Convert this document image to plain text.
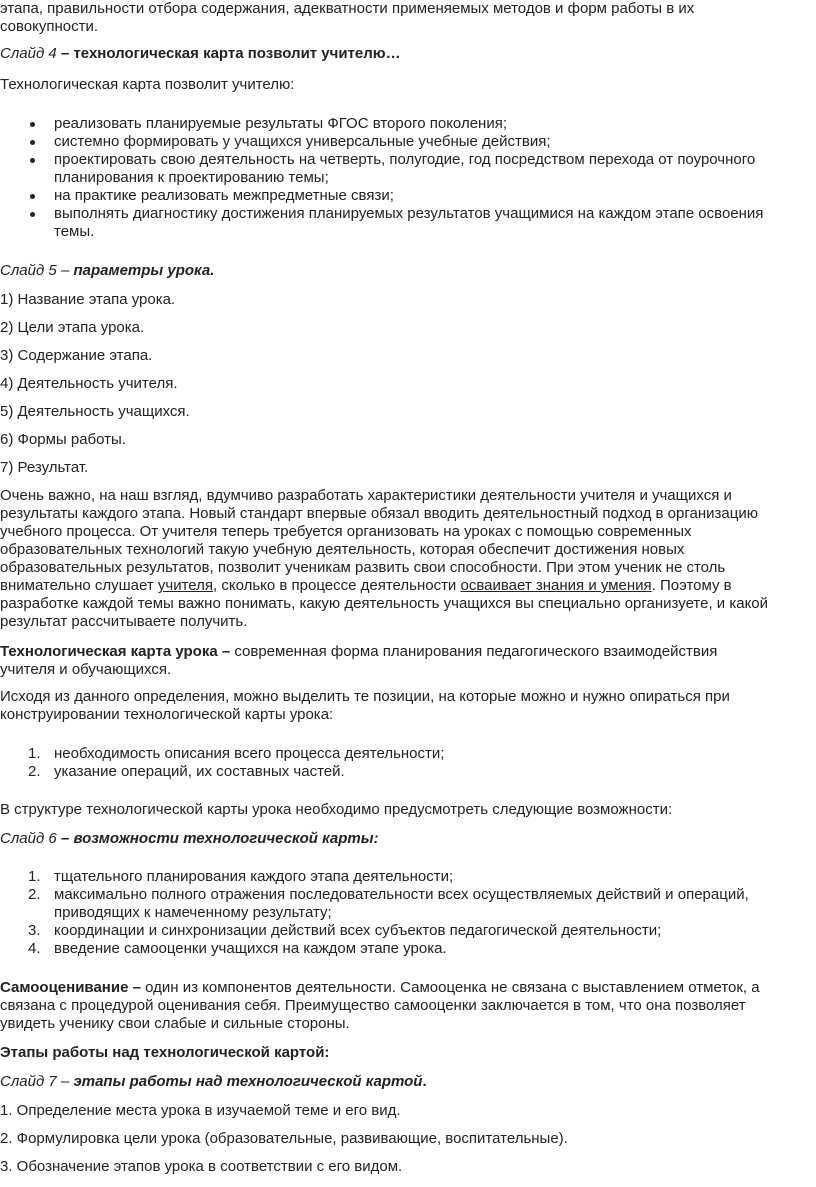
этапа, правильности отбора содержания, адекватности применяемых методов и форм работы в их
совокупности.

Слайд 4 – технологическая карта позволит учителю…

Технологическая карта позволит учителю:

реализовать планируемые результаты ФГОС второго поколения;
системно формировать у учащихся универсальные учебные действия;
проектировать свою деятельность на четверть, полугодие, год посредством перехода от поурочного
планирования к проектированию темы;
на практике реализовать межпредметные связи;
выполнять диагностику достижения планируемых результатов учащимися на каждом этапе освоения
темы.

Слайд 5 – параметры урока.

1) Название этапа урока.

2) Цели этапа урока.

3) Содержание этапа.

4) Деятельность учителя.

5) Деятельность учащихся.

6) Формы работы.

7) Результат.

Очень важно, на наш взгляд, вдумчиво разработать характеристики деятельности учителя и учащихся и
результаты каждого этапа. Новый стандарт впервые обязал вводить деятельностный подход в организацию
учебного процесса. От учителя теперь требуется организовать на уроках с помощью современных
образовательных технологий такую учебную деятельность, которая обеспечит достижения новых
образовательных результатов, позволит ученикам развить свои способности. При этом ученик не столь
внимательно слушает учителя, сколько в процессе деятельности осваивает знания и умения. Поэтому в
разработке каждой темы важно понимать, какую деятельность учащихся вы специально организуете, и какой
результат рассчитываете получить.

Технологическая карта урока – современная форма планирования педагогического взаимодействия
учителя и обучающихся.

Исходя из данного определения, можно выделить те позиции, на которые можно и нужно опираться при
конструировании технологической карты урока:

1. необходимость описания всего процесса деятельности;
2. указание операций, их составных частей.

В структуре технологической карты урока необходимо предусмотреть следующие возможности:

Слайд 6 – возможности технологической карты:

1. тщательного планирования каждого этапа деятельности;
2. максимально полного отражения последовательности всех осуществляемых действий и операций,
приводящих к намеченному результату;
3. координации и синхронизации действий всех субъектов педагогической деятельности;
4. введение самооценки учащихся на каждом этапе урока.

Самооценивание – один из компонентов деятельности. Самооценка не связана с выставлением отметок, а
связана с процедурой оценивания себя. Преимущество самооценки заключается в том, что она позволяет
увидеть ученику свои слабые и сильные стороны.

Этапы работы над технологической картой:

Слайд 7 – этапы работы над технологической картой.

1. Определение места урока в изучаемой теме и его вид.

2. Формулировка цели урока (образовательные, развивающие, воспитательные).

3. Обозначение этапов урока в соответствии с его видом.
